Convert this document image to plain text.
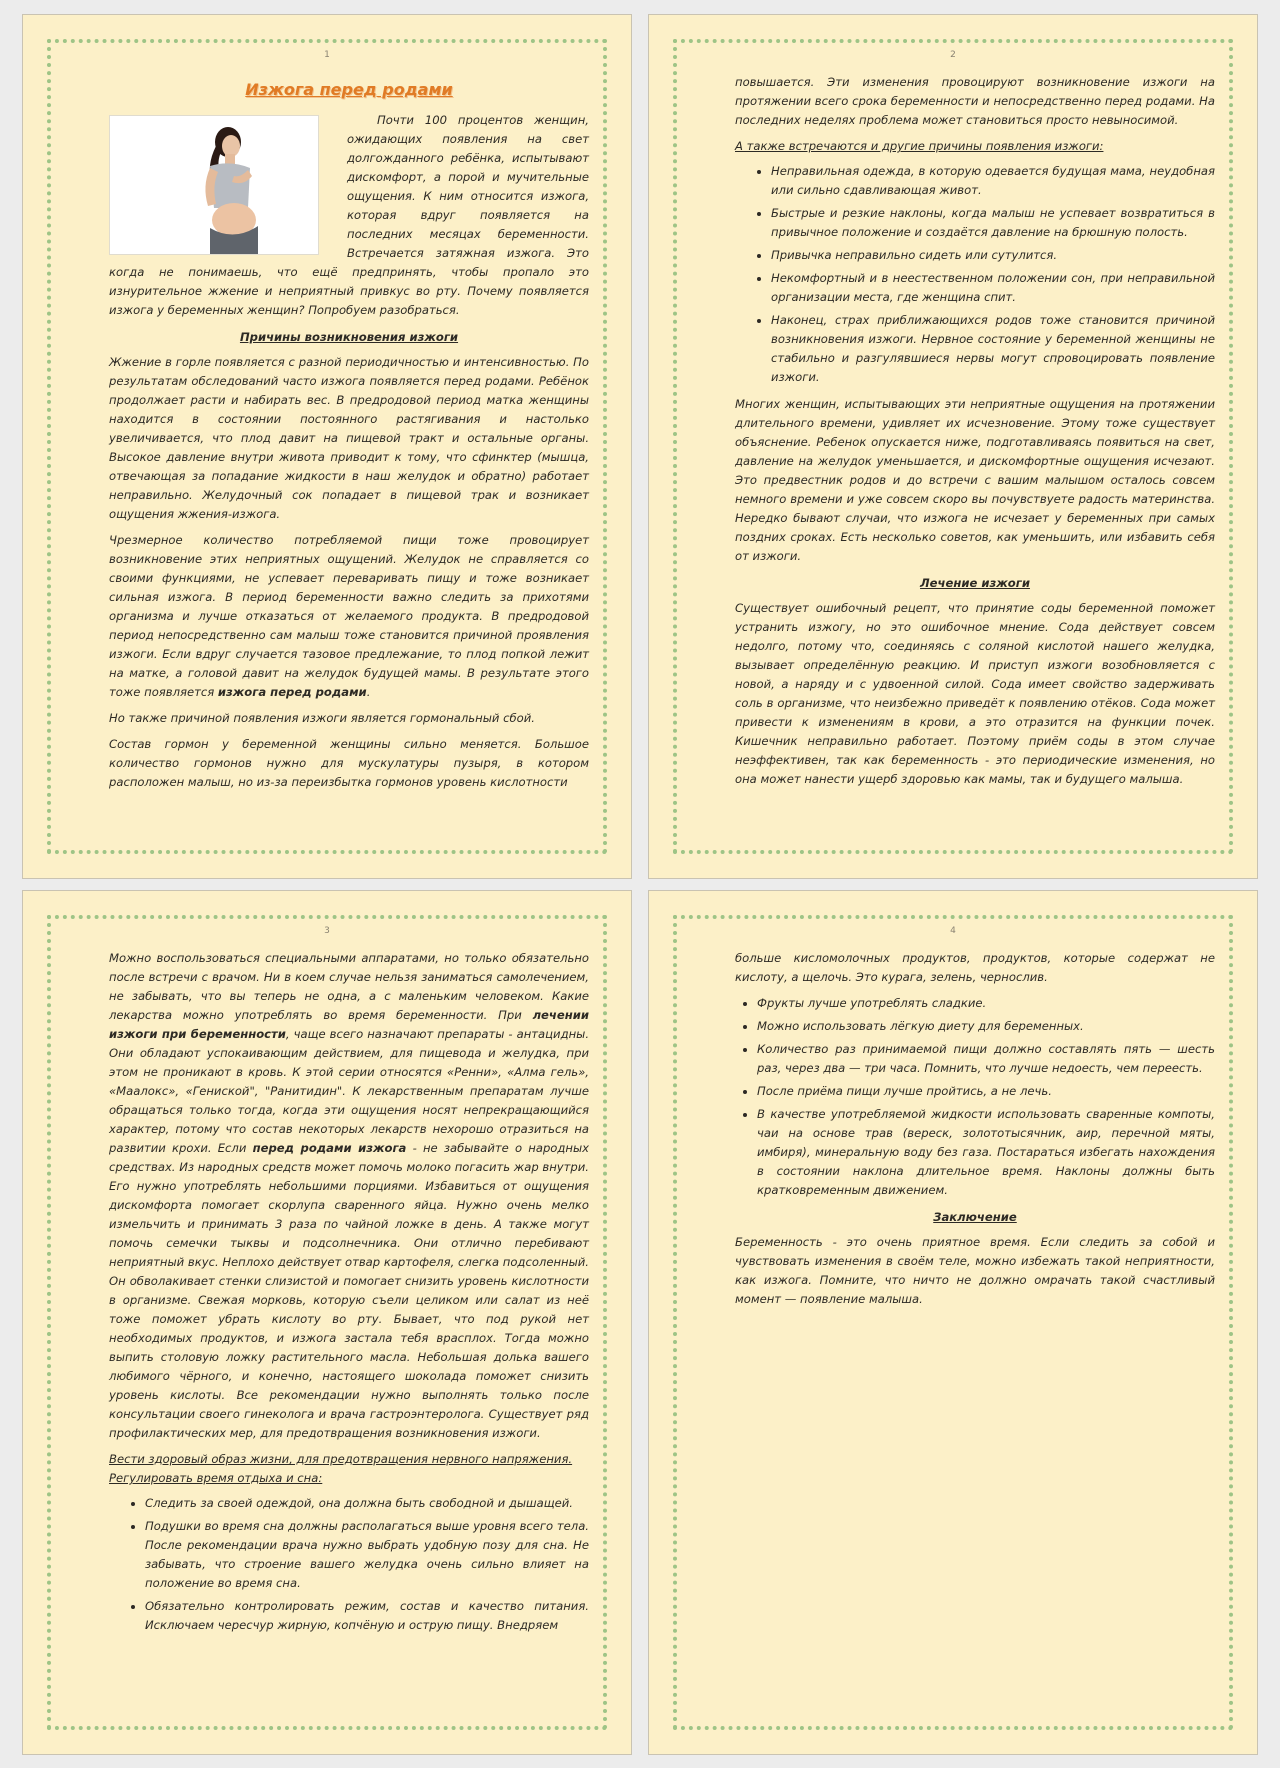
1
Изжога перед родами

Почти 100 процентов женщин, ожидающих появления на свет долгожданного ребёнка, испытывают дискомфорт, а порой и мучительные ощущения. К ним относится изжога, которая вдруг появляется на последних месяцах беременности. Встречается затяжная изжога. Это когда не понимаешь, что ещё предпринять, чтобы пропало это изнурительное жжение и неприятный привкус во рту. Почему появляется изжога у беременных женщин? Попробуем разобраться.

Причины возникновения изжоги

Жжение в горле появляется с разной периодичностью и интенсивностью. По результатам обследований часто изжога появляется перед родами. Ребёнок продолжает расти и набирать вес. В предродовой период матка женщины находится в состоянии постоянного растягивания и настолько увеличивается, что плод давит на пищевой тракт и остальные органы. Высокое давление внутри живота приводит к тому, что сфинктер (мышца, отвечающая за попадание жидкости в наш желудок и обратно) работает неправильно. Желудочный сок попадает в пищевой трак и возникает ощущения жжения-изжога.

Чрезмерное количество потребляемой пищи тоже провоцирует возникновение этих неприятных ощущений. Желудок не справляется со своими функциями, не успевает переваривать пищу и тоже возникает сильная изжога. В период беременности важно следить за прихотями организма и лучше отказаться от желаемого продукта. В предродовой период непосредственно сам малыш тоже становится причиной проявления изжоги. Если вдруг случается тазовое предлежание, то плод попкой лежит на матке, а головой давит на желудок будущей мамы. В результате этого тоже появляется изжога перед родами.

Но также причиной появления изжоги является гормональный сбой.

Состав гормон у беременной женщины сильно меняется. Большое количество гормонов нужно для мускулатуры пузыря, в котором расположен малыш, но из-за переизбытка гормонов уровень кислотности

2

повышается. Эти изменения провоцируют возникновение изжоги на протяжении всего срока беременности и непосредственно перед родами. На последних неделях проблема может становиться просто невыносимой.

А также встречаются и другие причины появления изжоги:

• Неправильная одежда, в которую одевается будущая мама, неудобная или сильно сдавливающая живот.
• Быстрые и резкие наклоны, когда малыш не успевает возвратиться в привычное положение и создаётся давление на брюшную полость.
• Привычка неправильно сидеть или сутулится.
• Некомфортный и в неестественном положении сон, при неправильной организации места, где женщина спит.
• Наконец, страх приближающихся родов тоже становится причиной возникновения изжоги. Нервное состояние у беременной женщины не стабильно и разгулявшиеся нервы могут спровоцировать появление изжоги.

Многих женщин, испытывающих эти неприятные ощущения на протяжении длительного времени, удивляет их исчезновение. Этому тоже существует объяснение. Ребенок опускается ниже, подготавливаясь появиться на свет, давление на желудок уменьшается, и дискомфортные ощущения исчезают. Это предвестник родов и до встречи с вашим малышом осталось совсем немного времени и уже совсем скоро вы почувствуете радость материнства. Нередко бывают случаи, что изжога не исчезает у беременных при самых поздних сроках. Есть несколько советов, как уменьшить, или избавить себя от изжоги.

Лечение изжоги

Существует ошибочный рецепт, что принятие соды беременной поможет устранить изжогу, но это ошибочное мнение. Сода действует совсем недолго, потому что, соединяясь с соляной кислотой нашего желудка, вызывает определённую реакцию. И приступ изжоги возобновляется с новой, а наряду и с удвоенной силой. Сода имеет свойство задерживать соль в организме, что неизбежно приведёт к появлению отёков. Сода может привести к изменениям в крови, а это отразится на функции почек. Кишечник неправильно работает. Поэтому приём соды в этом случае неэффективен, так как беременность - это периодические изменения, но она может нанести ущерб здоровью как мамы, так и будущего малыша.

3

Можно воспользоваться специальными аппаратами, но только обязательно после встречи с врачом. Ни в коем случае нельзя заниматься самолечением, не забывать, что вы теперь не одна, а с маленьким человеком. Какие лекарства можно употреблять во время беременности. При лечении изжоги при беременности, чаще всего назначают препараты - антацидны. Они обладают успокаивающим действием, для пищевода и желудка, при этом не проникают в кровь. К этой серии относятся «Ренни», «Алма гель», «Маалокс», «Гениской", "Ранитидин". К лекарственным препаратам лучше обращаться только тогда, когда эти ощущения носят непрекращающийся характер, потому что состав некоторых лекарств нехорошо отразиться на развитии крохи. Если перед родами изжога - не забывайте о народных средствах. Из народных средств может помочь молоко погасить жар внутри. Его нужно употреблять небольшими порциями. Избавиться от ощущения дискомфорта помогает скорлупа сваренного яйца. Нужно очень мелко измельчить и принимать 3 раза по чайной ложке в день. А также могут помочь семечки тыквы и подсолнечника. Они отлично перебивают неприятный вкус. Неплохо действует отвар картофеля, слегка подсоленный. Он обволакивает стенки слизистой и помогает снизить уровень кислотности в организме. Свежая морковь, которую съели целиком или салат из неё тоже поможет убрать кислоту во рту. Бывает, что под рукой нет необходимых продуктов, и изжога застала тебя врасплох. Тогда можно выпить столовую ложку растительного масла. Небольшая долька вашего любимого чёрного, и конечно, настоящего шоколада поможет снизить уровень кислоты. Все рекомендации нужно выполнять только после консультации своего гинеколога и врача гастроэнтеролога. Существует ряд профилактических мер, для предотвращения возникновения изжоги.

Вести здоровый образ жизни, для предотвращения нервного напряжения.

Регулировать время отдыха и сна:

• Следить за своей одеждой, она должна быть свободной и дышащей.
• Подушки во время сна должны располагаться выше уровня всего тела. После рекомендации врача нужно выбрать удобную позу для сна. Не забывать, что строение вашего желудка очень сильно влияет на положение во время сна.
• Обязательно контролировать режим, состав и качество питания. Исключаем чересчур жирную, копчёную и острую пищу. Внедряем
4

больше кисломолочных продуктов, продуктов, которые содержат не кислоту, а щелочь. Это курага, зелень, чернослив.

• Фрукты лучше употреблять сладкие.
• Можно использовать лёгкую диету для беременных.
• Количество раз принимаемой пищи должно составлять пять — шесть раз, через два — три часа. Помнить, что лучше недоесть, чем переесть.
• После приёма пищи лучше пройтись, а не лечь.
• В качестве употребляемой жидкости использовать сваренные компоты, чаи на основе трав (вереск, золототысячник, аир, перечной мяты, имбиря), минеральную воду без газа. Постараться избегать нахождения в состоянии наклона длительное время. Наклоны должны быть кратковременным движением.

Заключение

Беременность - это очень приятное время. Если следить за собой и чувствовать изменения в своём теле, можно избежать такой неприятности, как изжога. Помните, что ничто не должно омрачать такой счастливый момент — появление малыша.
